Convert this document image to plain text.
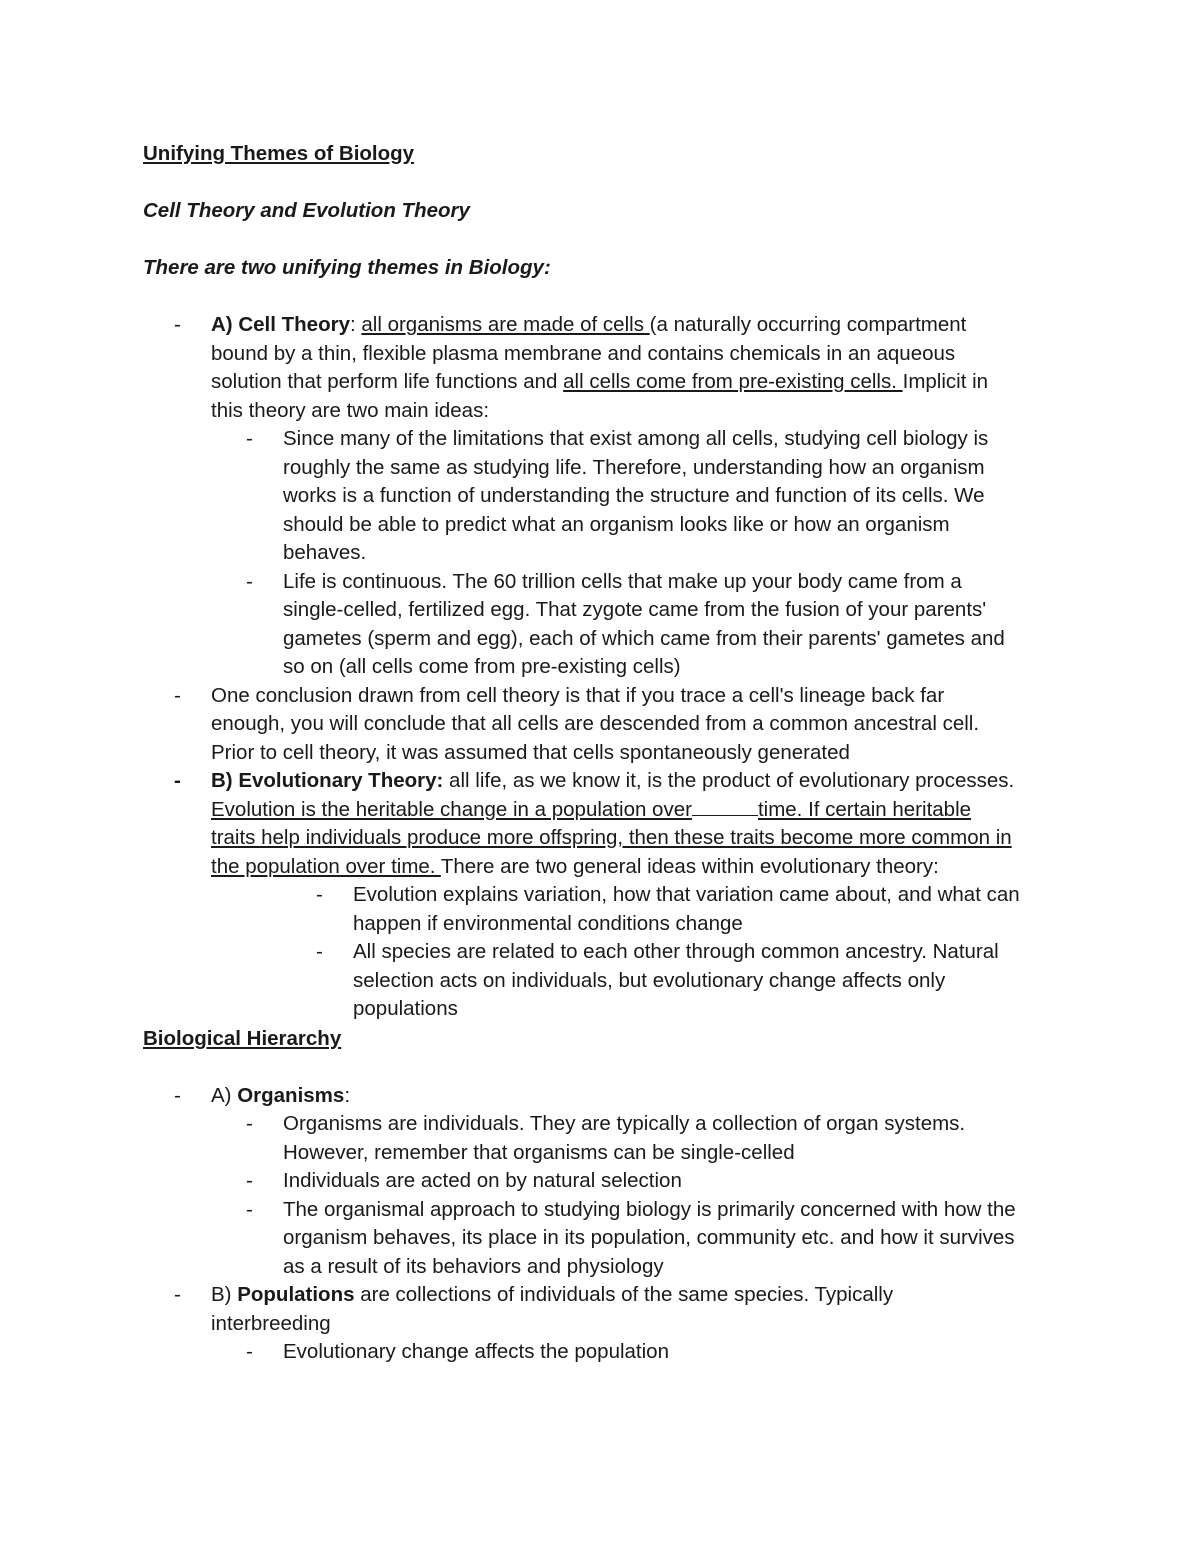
Unifying Themes of Biology
Cell Theory and Evolution Theory
There are two unifying themes in Biology:
- A) Cell Theory: all organisms are made of cells (a naturally occurring compartment
bound by a thin, flexible plasma membrane and contains chemicals in an aqueous
solution that perform life functions and all cells come from pre-existing cells. Implicit in
this theory are two main ideas:
- Since many of the limitations that exist among all cells, studying cell biology is
roughly the same as studying life. Therefore, understanding how an organism
works is a function of understanding the structure and function of its cells. We
should be able to predict what an organism looks like or how an organism
behaves.
- Life is continuous. The 60 trillion cells that make up your body came from a
single-celled, fertilized egg. That zygote came from the fusion of your parents'
gametes (sperm and egg), each of which came from their parents' gametes and
so on (all cells come from pre-existing cells)
- One conclusion drawn from cell theory is that if you trace a cell's lineage back far
enough, you will conclude that all cells are descended from a common ancestral cell.
Prior to cell theory, it was assumed that cells spontaneously generated
- B) Evolutionary Theory: all life, as we know it, is the product of evolutionary processes.
Evolution is the heritable change in a population over	time. If certain heritable
traits help individuals produce more offspring, then these traits become more common in
the population over time. There are two general ideas within evolutionary theory:
- Evolution explains variation, how that variation came about, and what can
happen if environmental conditions change
- All species are related to each other through common ancestry. Natural
selection acts on individuals, but evolutionary change affects only
populations
Biological Hierarchy
- A) Organisms:
- Organisms are individuals. They are typically a collection of organ systems.
However, remember that organisms can be single-celled
- Individuals are acted on by natural selection
- The organismal approach to studying biology is primarily concerned with how the
organism behaves, its place in its population, community etc. and how it survives
as a result of its behaviors and physiology
- B) Populations are collections of individuals of the same species. Typically
interbreeding
- Evolutionary change affects the population
